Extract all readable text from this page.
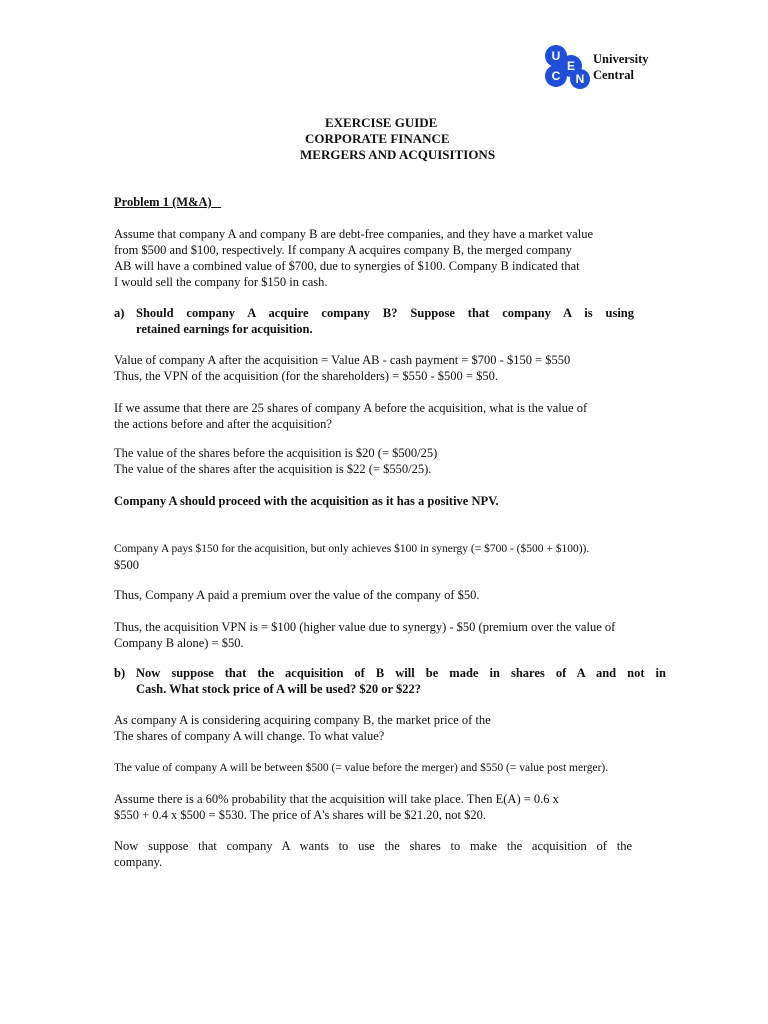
U
C
E
N
University
Central
EXERCISE GUIDE
CORPORATE FINANCE
MERGERS AND ACQUISITIONS
Problem 1 (M&A)
Assume that company A and company B are debt-free companies, and they have a market value
from $500 and $100, respectively. If company A acquires company B, the merged company
AB will have a combined value of $700, due to synergies of $100. Company B indicated that
I would sell the company for $150 in cash.
a) Should company A acquire company B? Suppose that company A is using
retained earnings for acquisition.
Value of company A after the acquisition = Value AB - cash payment = $700 - $150 = $550
Thus, the VPN of the acquisition (for the shareholders) = $550 - $500 = $50.
If we assume that there are 25 shares of company A before the acquisition, what is the value of
the actions before and after the acquisition?
The value of the shares before the acquisition is $20 (= $500/25)
The value of the shares after the acquisition is $22 (= $550/25).
Company A should proceed with the acquisition as it has a positive NPV.
Company A pays $150 for the acquisition, but only achieves $100 in synergy (= $700 - ($500 + $100)).
$500
Thus, Company A paid a premium over the value of the company of $50.
Thus, the acquisition VPN is = $100 (higher value due to synergy) - $50 (premium over the value of
Company B alone) = $50.
b) Now suppose that the acquisition of B will be made in shares of A and not in
Cash. What stock price of A will be used? $20 or $22?
As company A is considering acquiring company B, the market price of the
The shares of company A will change. To what value?
The value of company A will be between $500 (= value before the merger) and $550 (= value post merger).
Assume there is a 60% probability that the acquisition will take place. Then E(A) = 0.6 x
$550 + 0.4 x $500 = $530. The price of A's shares will be $21.20, not $20.
Now suppose that company A wants to use the shares to make the acquisition of the
company.
